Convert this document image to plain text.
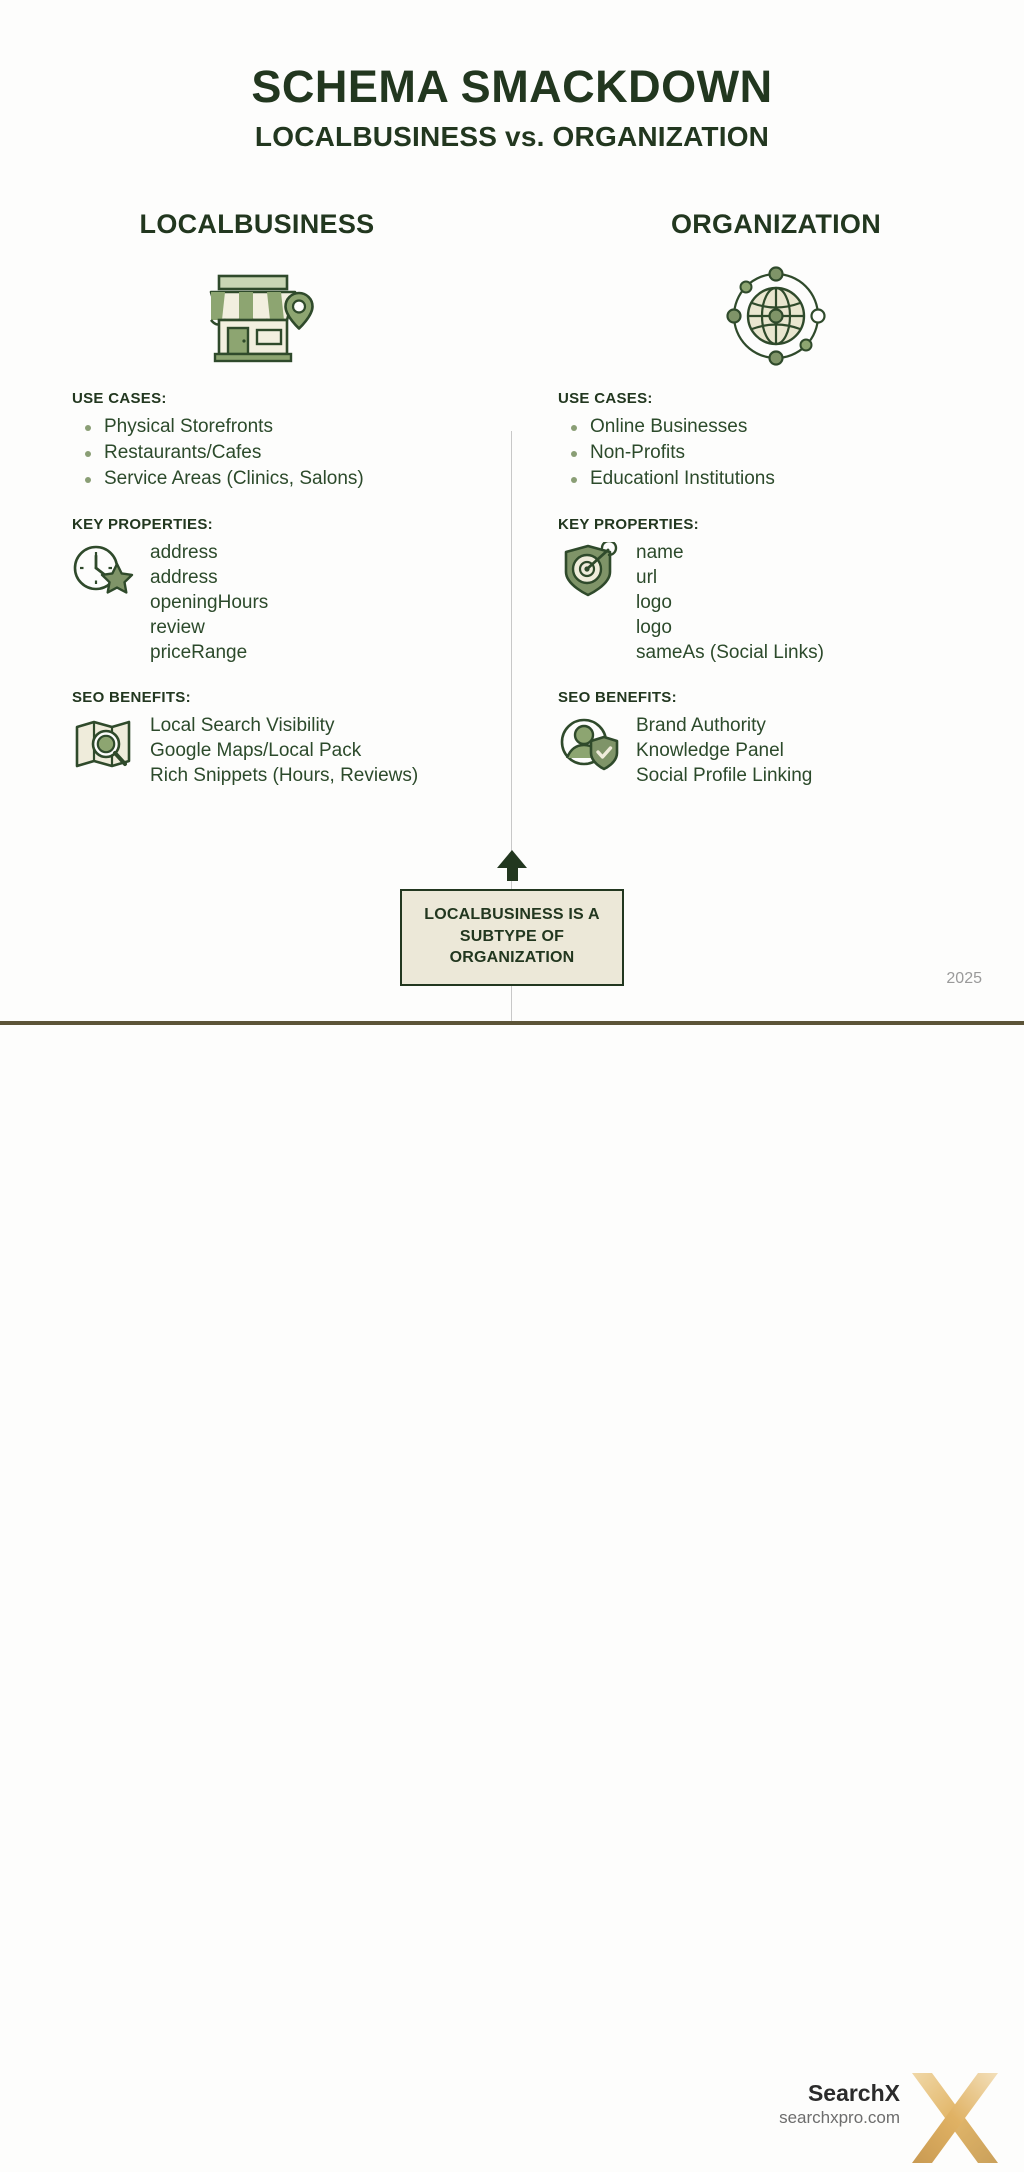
SCHEMA SMACKDOWN
LOCALBUSINESS vs. ORGANIZATION
LOCALBUSINESS
USE CASES:
Physical Storefronts
Restaurants/Cafes
Service Areas (Clinics, Salons)
KEY PROPERTIES:
address
address
openingHours
review
priceRange
SEO BENEFITS:
Local Search Visibility
Google Maps/Local Pack
Rich Snippets (Hours, Reviews)
ORGANIZATION
USE CASES:
Online Businesses
Non-Profits
Educationl Institutions
KEY PROPERTIES:
name
url
logo
logo
sameAs (Social Links)
SEO BENEFITS:
Brand Authority
Knowledge Panel
Social Profile Linking
LOCALBUSINESS IS A
SUBTYPE OF
ORGANIZATION
2025
SearchX
searchxpro.com
